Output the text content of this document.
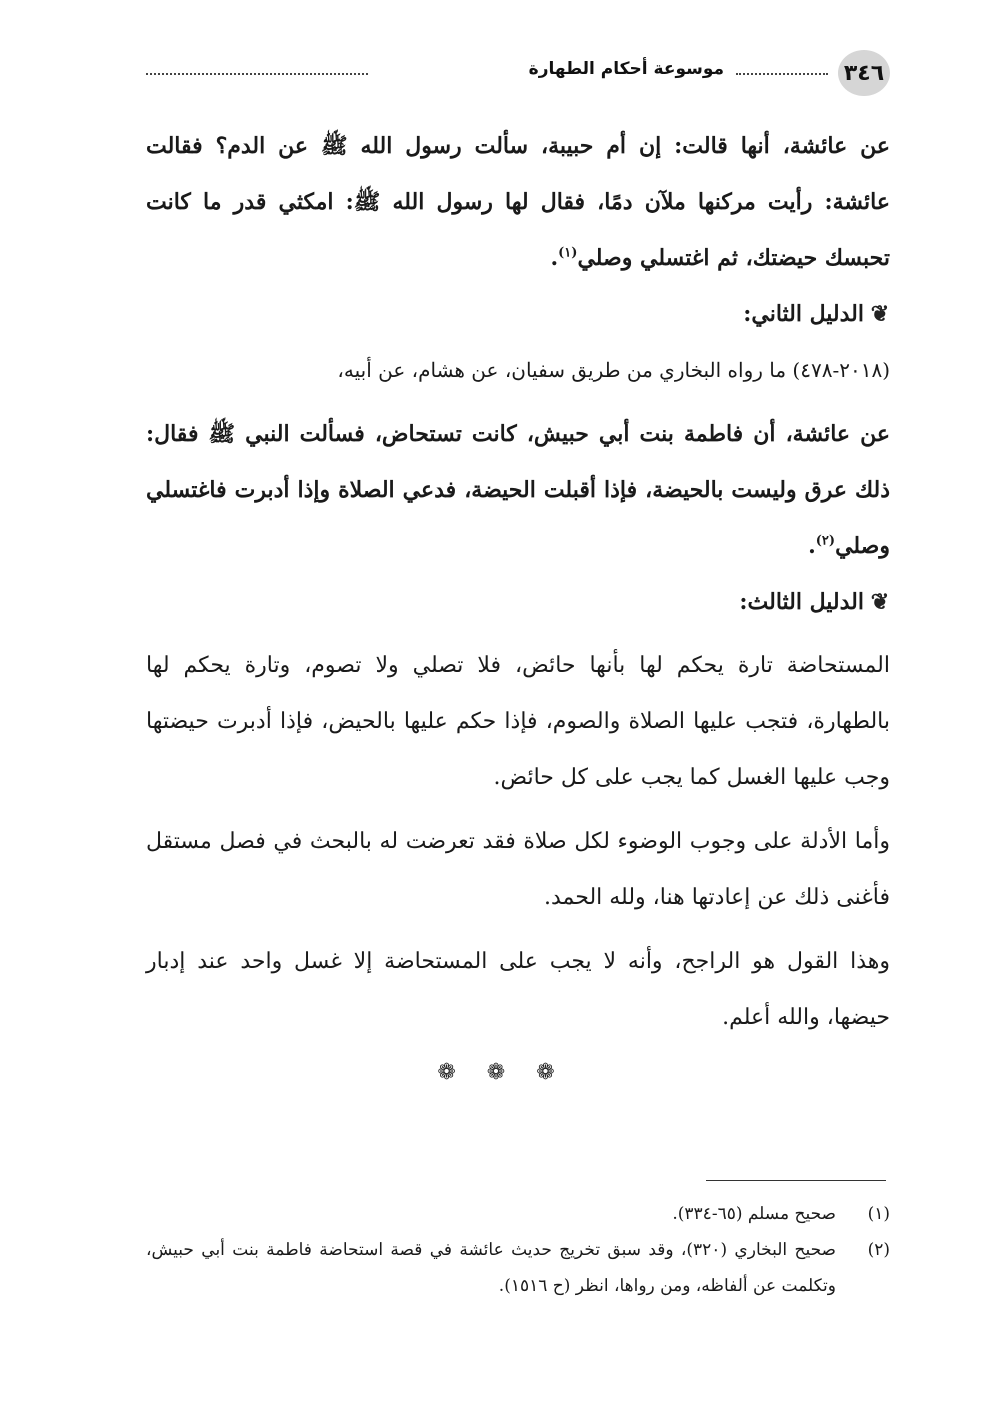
٣٤٦
موسوعة أحكام الطهارة

عن عائشة، أنها قالت: إن أم حبيبة، سألت رسول الله ﷺ عن الدم؟ فقالت عائشة: رأيت مركنها ملآن دمًا، فقال لها رسول الله ﷺ: امكثي قدر ما كانت تحبسك حيضتك، ثم اغتسلي وصلي$^{(١)}$.

❦الدليل الثاني:

(٢٠١٨-٤٧٨) ما رواه البخاري من طريق سفيان، عن هشام، عن أبيه،

عن عائشة، أن فاطمة بنت أبي حبيش، كانت تستحاض، فسألت النبي ﷺ فقال: ذلك عرق وليست بالحيضة، فإذا أقبلت الحيضة، فدعي الصلاة وإذا أدبرت فاغتسلي وصلي$^{(٢)}$.

❦الدليل الثالث:

المستحاضة تارة يحكم لها بأنها حائض، فلا تصلي ولا تصوم، وتارة يحكم لها بالطهارة، فتجب عليها الصلاة والصوم، فإذا حكم عليها بالحيض، فإذا أدبرت حيضتها وجب عليها الغسل كما يجب على كل حائض.

وأما الأدلة على وجوب الوضوء لكل صلاة فقد تعرضت له بالبحث في فصل مستقل فأغنى ذلك عن إعادتها هنا، ولله الحمد.

وهذا القول هو الراجح، وأنه لا يجب على المستحاضة إلا غسل واحد عند إدبار حيضها، والله أعلم.

❁ ❁ ❁

(١)
صحيح مسلم (٦٥-٣٣٤).

(٢)
صحيح البخاري (٣٢٠)، وقد سبق تخريج حديث عائشة في قصة استحاضة فاطمة بنت أبي حبيش، وتكلمت عن ألفاظه، ومن رواها، انظر (ح ١٥١٦).
